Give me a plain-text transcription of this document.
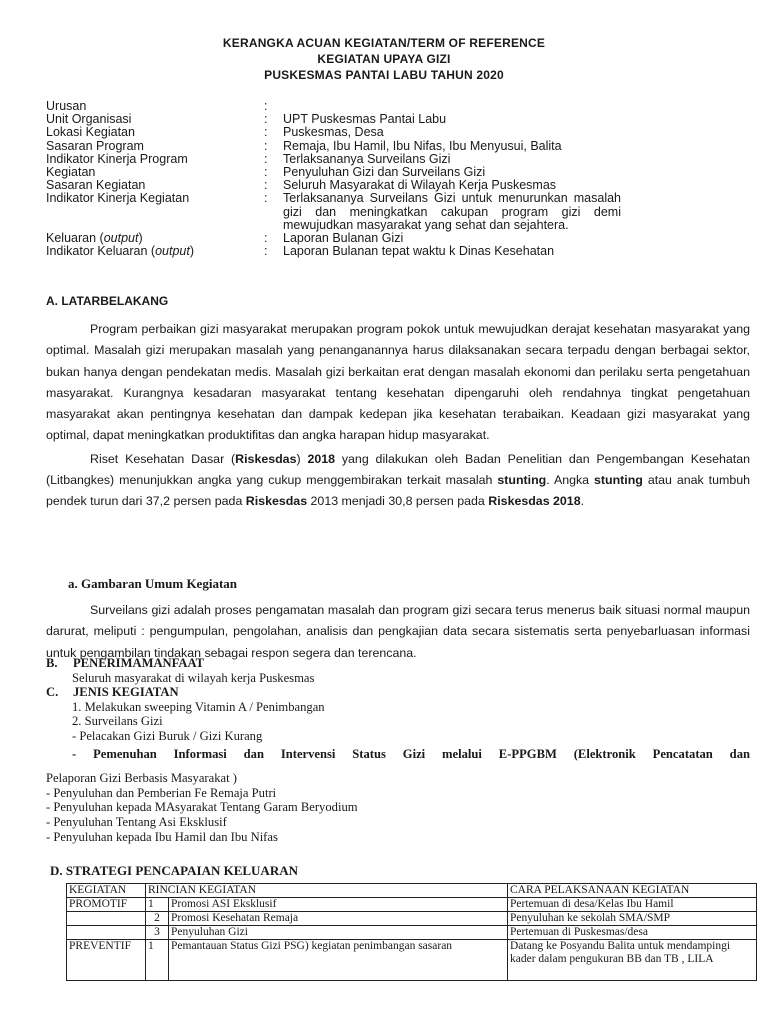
KERANGKA ACUAN KEGIATAN/TERM OF REFERENCE
KEGIATAN UPAYA GIZI
PUSKESMAS PANTAI LABU TAHUN 2020
Urusan	:
Unit Organisasi	:	UPT Puskesmas Pantai Labu
Lokasi Kegiatan	:	Puskesmas, Desa
Sasaran Program	:	Remaja, Ibu Hamil, Ibu Nifas, Ibu Menyusui, Balita
Indikator Kinerja Program	:	Terlaksananya Surveilans Gizi
Kegiatan	:	Penyuluhan Gizi dan Surveilans Gizi
Sasaran Kegiatan	:	Seluruh Masyarakat di Wilayah Kerja Puskesmas
Indikator Kinerja Kegiatan	:	Terlaksananya Surveilans Gizi untuk menurunkan masalah gizi dan meningkatkan cakupan program gizi demi mewujudkan masyarakat yang sehat dan sejahtera.
Keluaran (output)	:	Laporan Bulanan Gizi
Indikator Keluaran (output)	:	Laporan Bulanan tepat waktu k Dinas Kesehatan
A. LATARBELAKANG

Program perbaikan gizi masyarakat merupakan program pokok untuk mewujudkan derajat kesehatan masyarakat yang optimal. Masalah gizi merupakan masalah yang penanganannya harus dilaksanakan secara terpadu dengan berbagai sektor, bukan hanya dengan pendekatan medis. Masalah gizi berkaitan erat dengan masalah ekonomi dan perilaku serta pengetahuan masyarakat. Kurangnya kesadaran masyarakat tentang kesehatan dipengaruhi oleh rendahnya tingkat pengetahuan masyarakat akan pentingnya kesehatan dan dampak kedepan jika kesehatan terabaikan. Keadaan gizi masyarakat yang optimal, dapat meningkatkan produktifitas dan angka harapan hidup masyarakat.

Riset Kesehatan Dasar (Riskesdas) 2018 yang dilakukan oleh Badan Penelitian dan Pengembangan Kesehatan (Litbangkes) menunjukkan angka yang cukup menggembirakan terkait masalah stunting. Angka stunting atau anak tumbuh pendek turun dari 37,2 persen pada Riskesdas 2013 menjadi 30,8 persen pada Riskesdas 2018.

a. Gambaran Umum Kegiatan

Surveilans gizi adalah proses pengamatan masalah dan program gizi secara terus menerus baik situasi normal maupun darurat, meliputi : pengumpulan, pengolahan, analisis dan pengkajian data secara sistematis serta penyebarluasan informasi untuk pengambilan tindakan sebagai respon segera dan terencana.

B.	PENERIMAMANFAAT
Seluruh masyarakat di wilayah kerja Puskesmas
C.	JENIS KEGIATAN
1. Melakukan sweeping Vitamin A / Penimbangan
2. Surveilans Gizi
- Pelacakan Gizi Buruk / Gizi Kurang
- Pemenuhan Informasi dan Intervensi Status Gizi melalui E-PPGBM (Elektronik Pencatatan dan
Pelaporan Gizi Berbasis Masyarakat )
- Penyuluhan dan Pemberian Fe Remaja Putri
- Penyuluhan kepada MAsyarakat Tentang Garam Beryodium
- Penyuluhan Tentang Asi Eksklusif
- Penyuluhan kepada Ibu Hamil dan Ibu Nifas
D. STRATEGI PENCAPAIAN KELUARAN
KEGIATAN	RINCIAN KEGIATAN		CARA PELAKSANAAN KEGIATAN
PROMOTIF	1	Promosi ASI Eksklusif	Pertemuan di desa/Kelas Ibu Hamil
	2	Promosi Kesehatan Remaja	Penyuluhan ke sekolah SMA/SMP
	3	Penyuluhan Gizi	Pertemuan di Puskesmas/desa
PREVENTIF	1	Pemantauan Status Gizi PSG) kegiatan penimbangan sasaran	Datang ke Posyandu Balita untuk mendampingi kader dalam pengukuran BB dan TB , LILA
